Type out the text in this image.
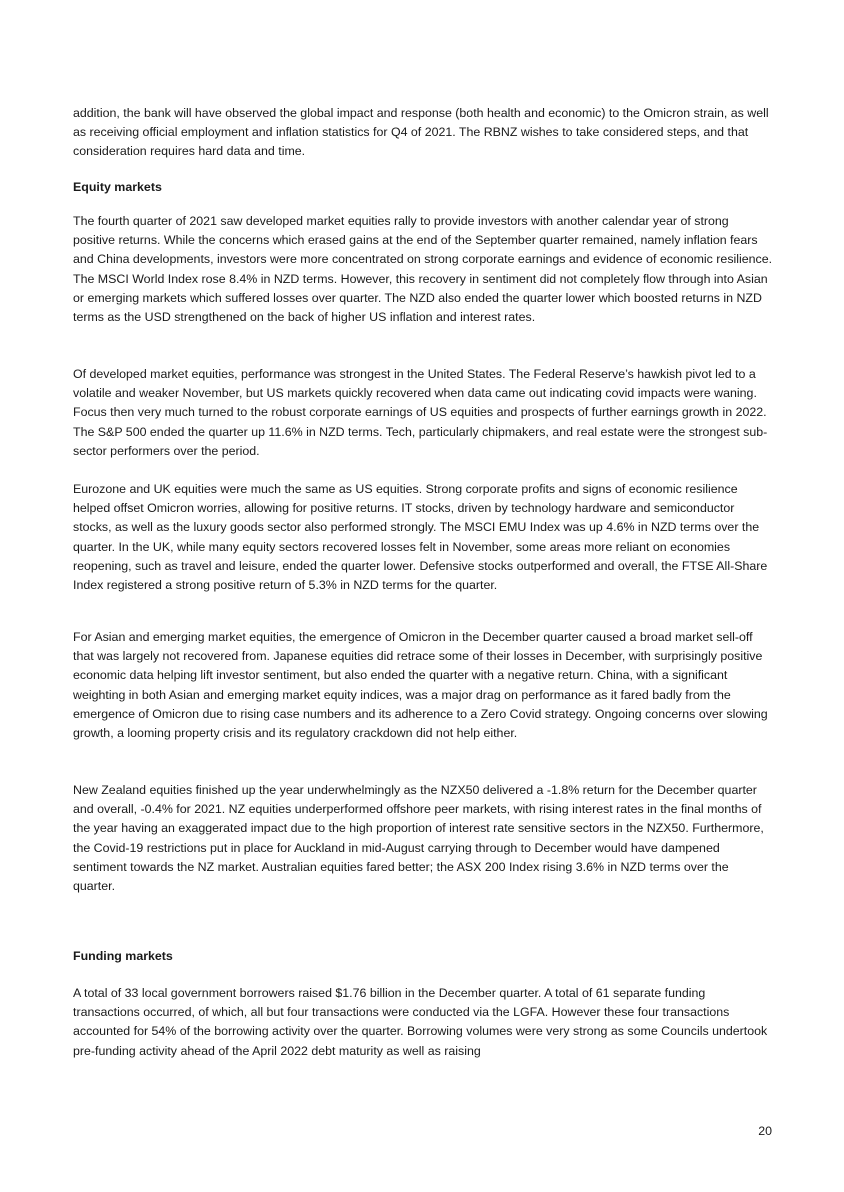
addition, the bank will have observed the global impact and response (both health and economic) to the Omicron strain, as well as receiving official employment and inflation statistics for Q4 of 2021. The RBNZ wishes to take considered steps, and that consideration requires hard data and time.

Equity markets

The fourth quarter of 2021 saw developed market equities rally to provide investors with another calendar year of strong positive returns. While the concerns which erased gains at the end of the September quarter remained, namely inflation fears and China developments, investors were more concentrated on strong corporate earnings and evidence of economic resilience. The MSCI World Index rose 8.4% in NZD terms. However, this recovery in sentiment did not completely flow through into Asian or emerging markets which suffered losses over quarter. The NZD also ended the quarter lower which boosted returns in NZD terms as the USD strengthened on the back of higher US inflation and interest rates.

Of developed market equities, performance was strongest in the United States. The Federal Reserve’s hawkish pivot led to a volatile and weaker November, but US markets quickly recovered when data came out indicating covid impacts were waning. Focus then very much turned to the robust corporate earnings of US equities and prospects of further earnings growth in 2022. The S&P 500 ended the quarter up 11.6% in NZD terms. Tech, particularly chipmakers, and real estate were the strongest sub-sector performers over the period.

Eurozone and UK equities were much the same as US equities. Strong corporate profits and signs of economic resilience helped offset Omicron worries, allowing for positive returns. IT stocks, driven by technology hardware and semiconductor stocks, as well as the luxury goods sector also performed strongly. The MSCI EMU Index was up 4.6% in NZD terms over the quarter. In the UK, while many equity sectors recovered losses felt in November, some areas more reliant on economies reopening, such as travel and leisure, ended the quarter lower. Defensive stocks outperformed and overall, the FTSE All-Share Index registered a strong positive return of 5.3% in NZD terms for the quarter.

For Asian and emerging market equities, the emergence of Omicron in the December quarter caused a broad market sell-off that was largely not recovered from. Japanese equities did retrace some of their losses in December, with surprisingly positive economic data helping lift investor sentiment, but also ended the quarter with a negative return. China, with a significant weighting in both Asian and emerging market equity indices, was a major drag on performance as it fared badly from the emergence of Omicron due to rising case numbers and its adherence to a Zero Covid strategy. Ongoing concerns over slowing growth, a looming property crisis and its regulatory crackdown did not help either.

New Zealand equities finished up the year underwhelmingly as the NZX50 delivered a -1.8% return for the December quarter and overall, -0.4% for 2021. NZ equities underperformed offshore peer markets, with rising interest rates in the final months of the year having an exaggerated impact due to the high proportion of interest rate sensitive sectors in the NZX50. Furthermore, the Covid-19 restrictions put in place for Auckland in mid-August carrying through to December would have dampened sentiment towards the NZ market. Australian equities fared better; the ASX 200 Index rising 3.6% in NZD terms over the quarter.

Funding markets

A total of 33 local government borrowers raised $1.76 billion in the December quarter. A total of 61 separate funding transactions occurred, of which, all but four transactions were conducted via the LGFA. However these four transactions accounted for 54% of the borrowing activity over the quarter. Borrowing volumes were very strong as some Councils undertook pre-funding activity ahead of the April 2022 debt maturity as well as raising

20
